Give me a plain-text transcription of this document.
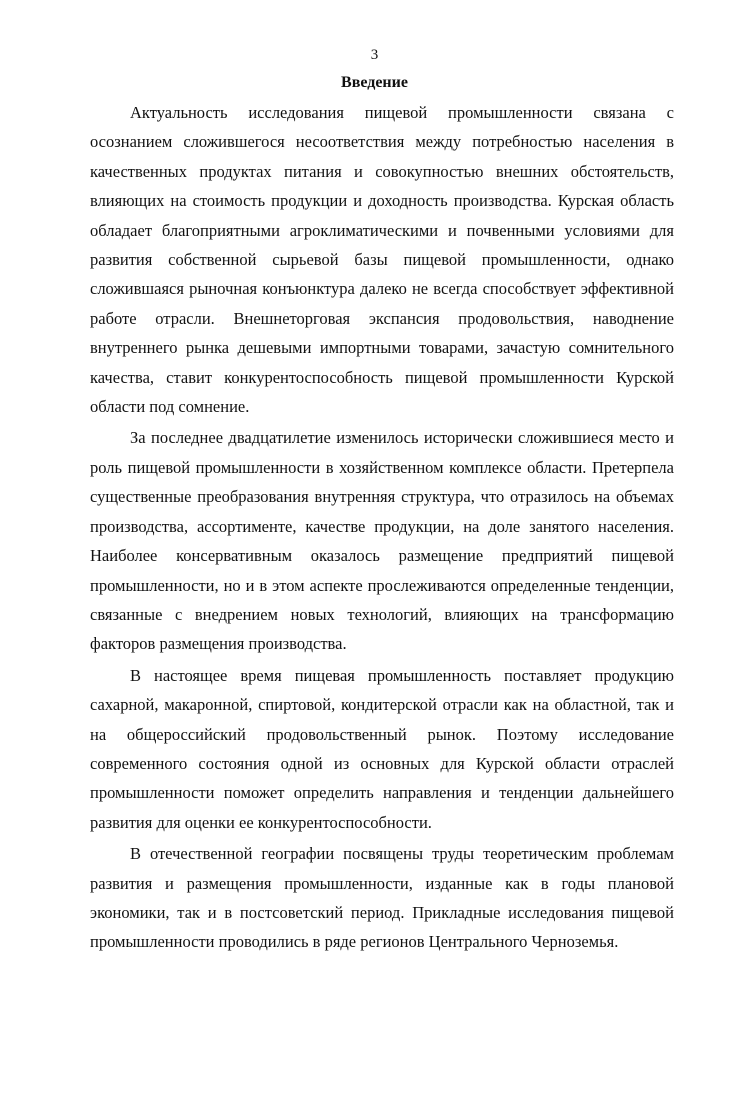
3
Введение

Актуальность исследования пищевой промышленности связана с осознанием сложившегося несоответствия между потребностью населения в качественных продуктах питания и совокупностью внешних обстоятельств, влияющих на стоимость продукции и доходность производства. Курская область обладает благоприятными агроклиматическими и почвенными условиями для развития собственной сырьевой базы пищевой промышленности, однако сложившаяся рыночная конъюнктура далеко не всегда способствует эффективной работе отрасли. Внешнеторговая экспансия продовольствия, наводнение внутреннего рынка дешевыми импортными товарами, зачастую сомнительного качества, ставит конкурентоспособность пищевой промышленности Курской области под сомнение.

За последнее двадцатилетие изменилось исторически сложившиеся место и роль пищевой промышленности в хозяйственном комплексе области. Претерпела существенные преобразования внутренняя структура, что отразилось на объемах производства, ассортименте, качестве продукции, на доле занятого населения. Наиболее консервативным оказалось размещение предприятий пищевой промышленности, но и в этом аспекте прослеживаются определенные тенденции, связанные с внедрением новых технологий, влияющих на трансформацию факторов размещения производства.

В настоящее время пищевая промышленность поставляет продукцию сахарной, макаронной, спиртовой, кондитерской отрасли как на областной, так и на общероссийский продовольственный рынок. Поэтому исследование современного состояния одной из основных для Курской области отраслей промышленности поможет определить направления и тенденции дальнейшего развития для оценки ее конкурентоспособности.

В отечественной географии посвящены труды теоретическим проблемам развития и размещения промышленности, изданные как в годы плановой экономики, так и в постсоветский период. Прикладные исследования пищевой промышленности проводились в ряде регионов Центрального Черноземья.
